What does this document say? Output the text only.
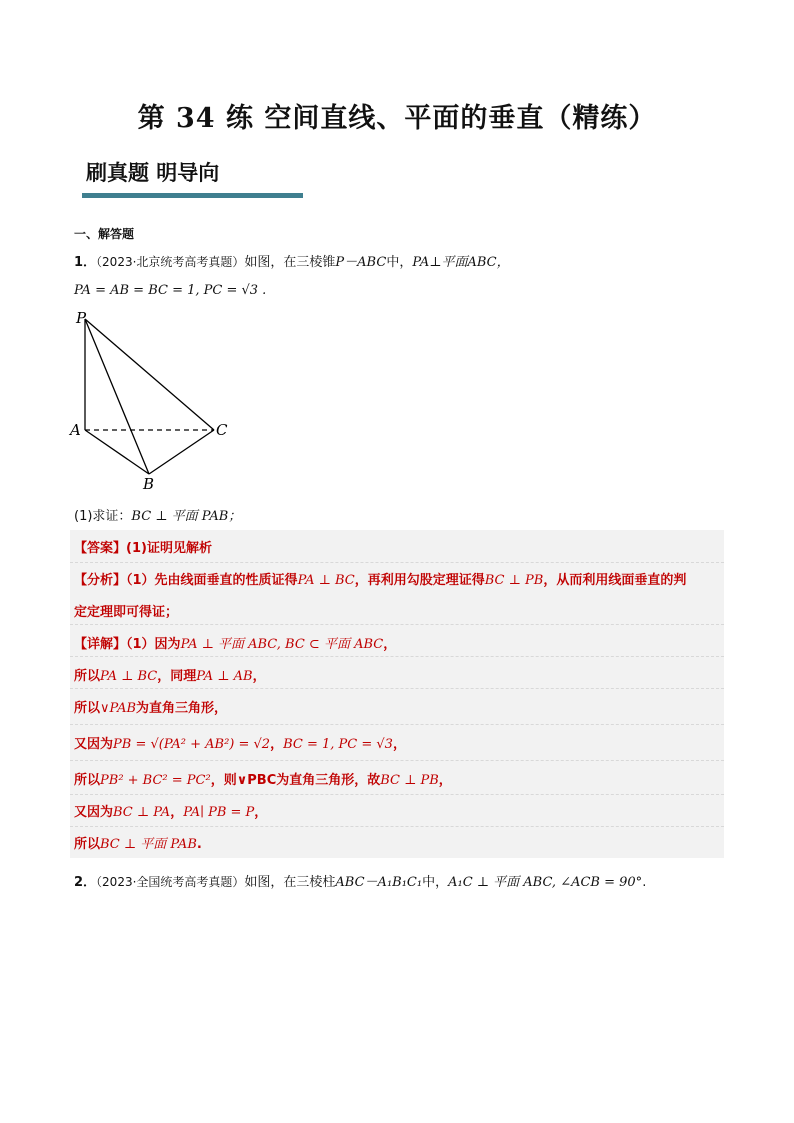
第 34 练 空间直线、平面的垂直（精练）
刷真题 明导向
一、解答题
1．（2023·北京统考高考真题）如图，在三棱锥P－ABC中，PA⊥平面ABC，
PA = AB = BC = 1, PC = √3 .
P
A	C
B
(1)求证：BC ⊥ 平面 PAB；
【答案】(1)证明见解析
【分析】（1）先由线面垂直的性质证得PA ⊥ BC，再利用勾股定理证得BC ⊥ PB，从而利用线面垂直的判
定定理即可得证；
【详解】（1）因为PA ⊥ 平面 ABC, BC ⊂ 平面 ABC，
所以PA ⊥ BC，同理PA ⊥ AB，
所以∨PAB为直角三角形，
又因为PB = √(PA² + AB²) = √2，BC = 1, PC = √3，
所以PB² + BC² = PC²，则∨PBC为直角三角形，故BC ⊥ PB，
又因为BC ⊥ PA，PA∣ PB = P，
所以BC ⊥ 平面 PAB.
2．（2023·全国统考高考真题）如图，在三棱柱ABC－A₁B₁C₁中，A₁C ⊥ 平面 ABC, ∠ACB = 90°.
